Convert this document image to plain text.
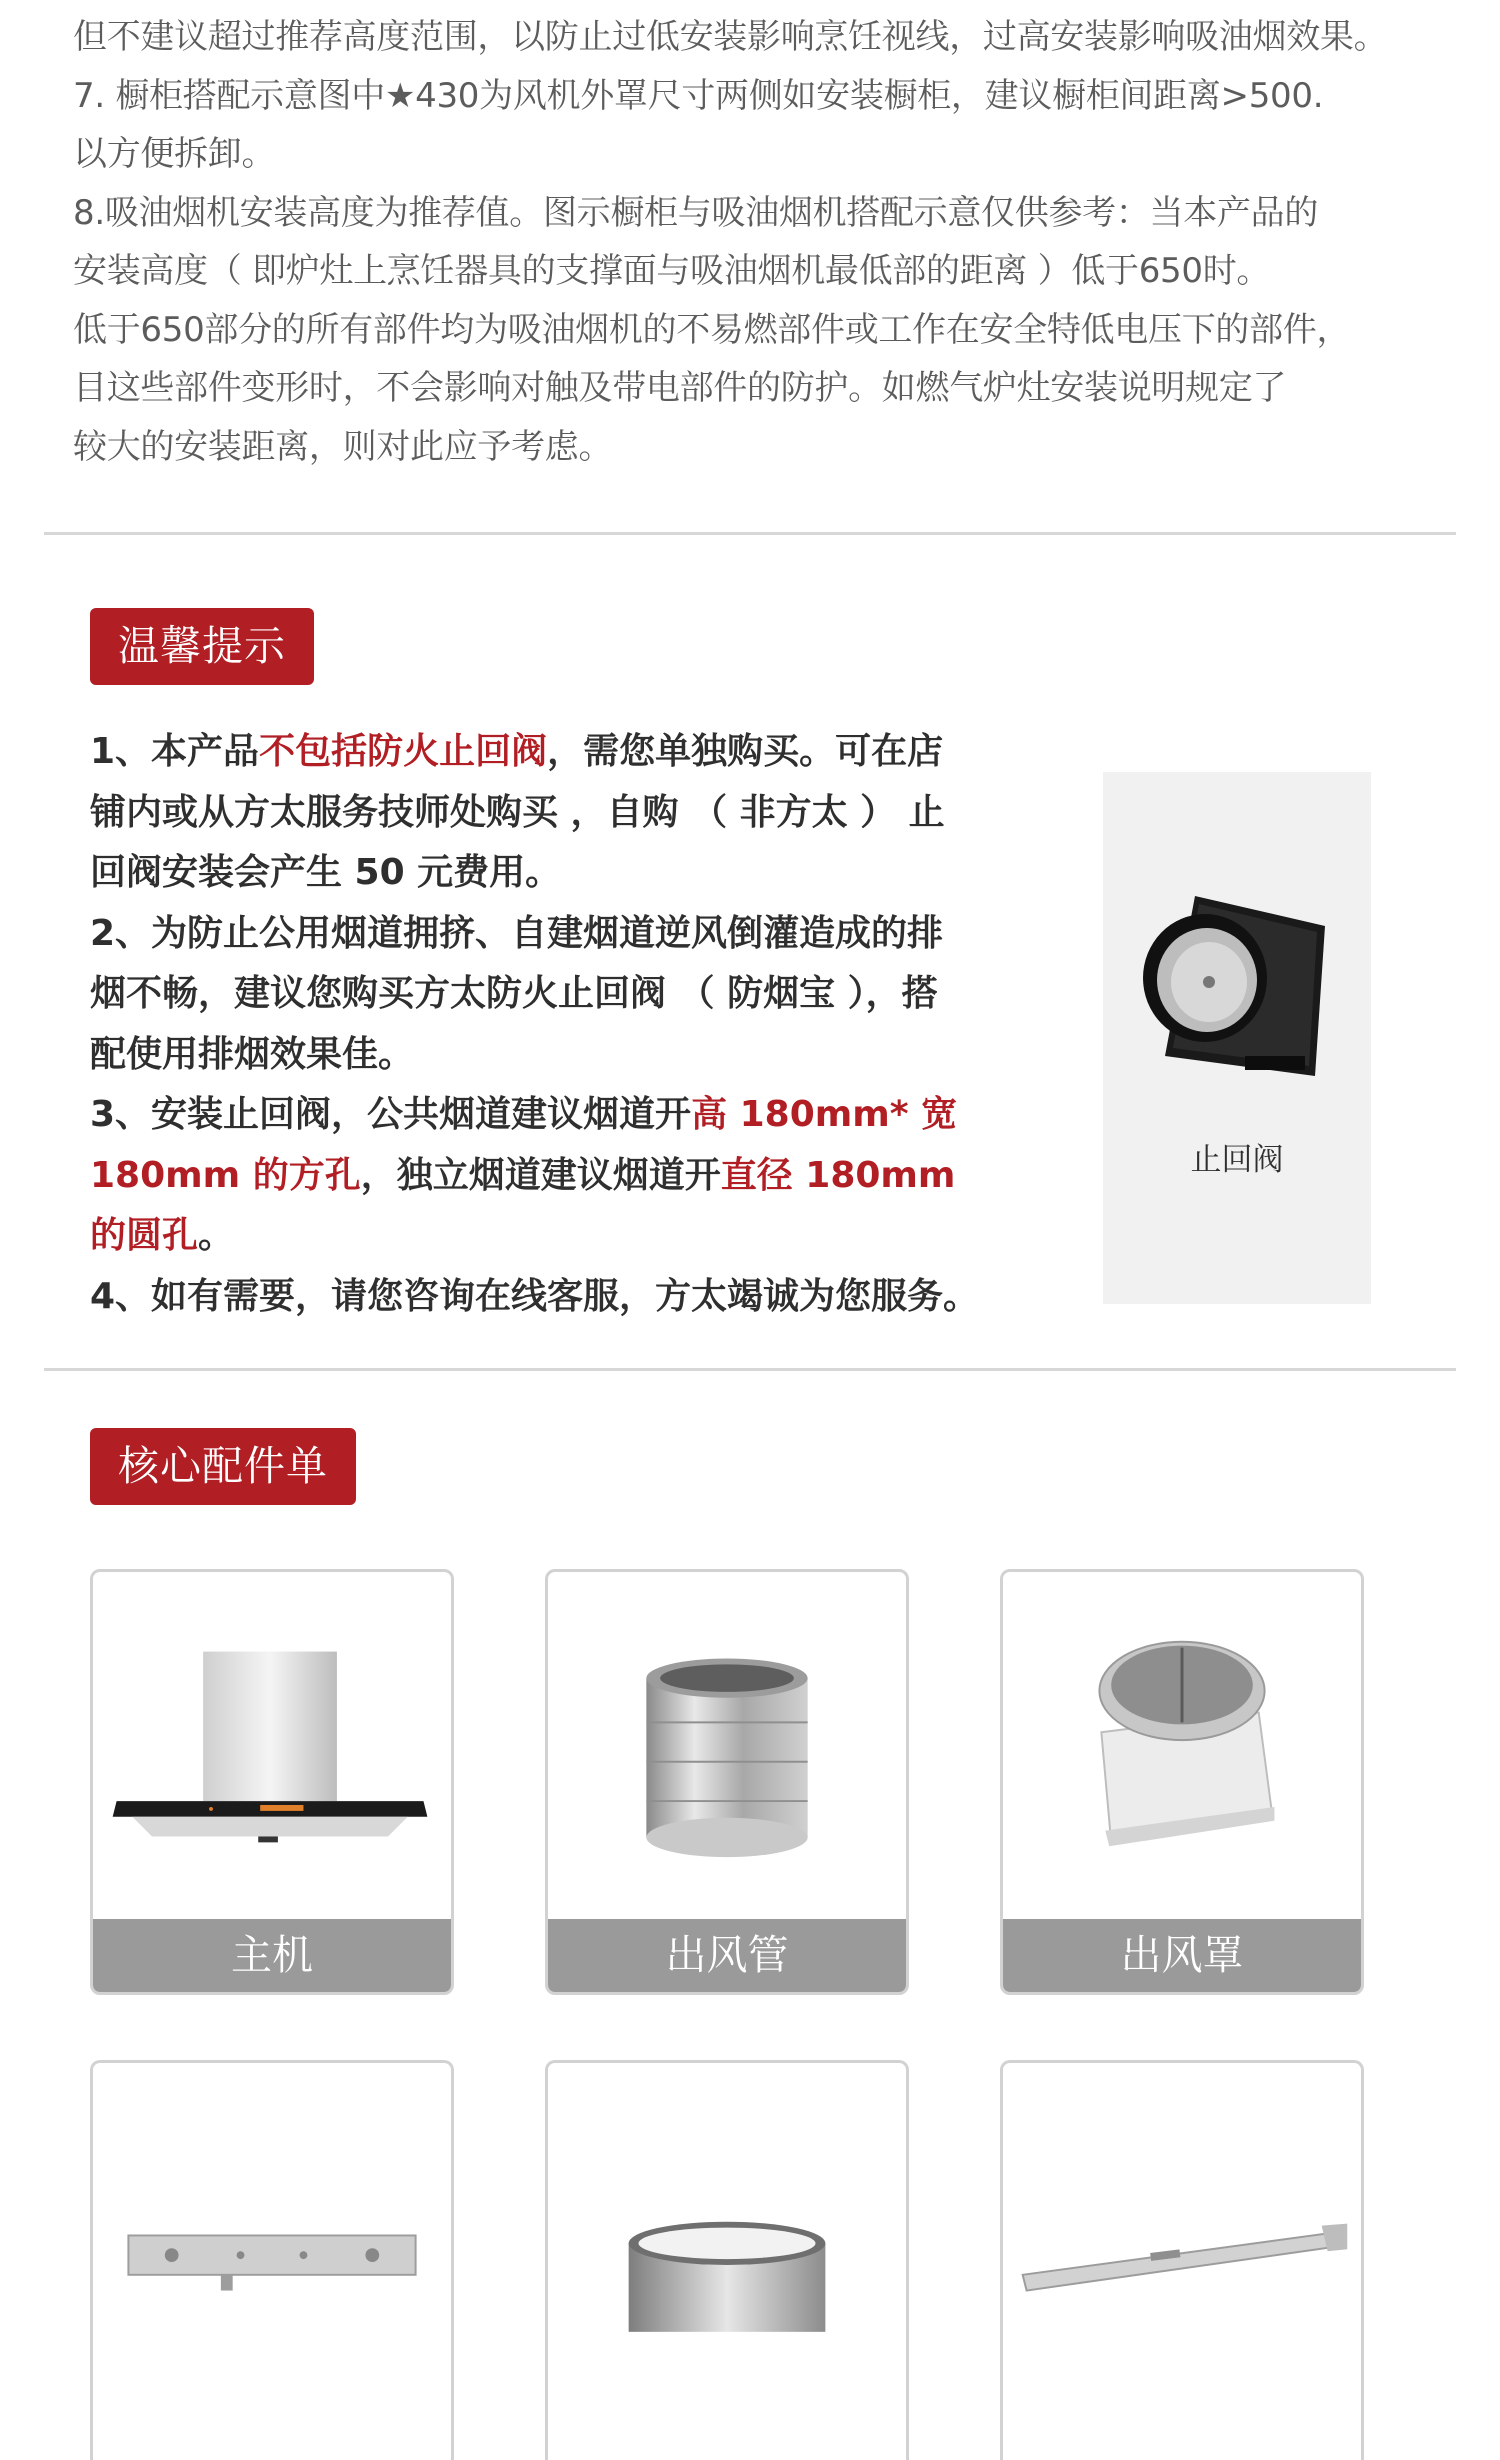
但不建议超过推荐高度范围，以防止过低安装影响烹饪视线，过高安装影响吸油烟效果。

7. 橱柜搭配示意图中★430为风机外罩尺寸两侧如安装橱柜，建议橱柜间距离>500.

以方便拆卸。

8.吸油烟机安装高度为推荐值。图示橱柜与吸油烟机搭配示意仅供参考：当本产品的

安装高度（ 即炉灶上烹饪器具的支撑面与吸油烟机最低部的距离 ）低于650时。

低于650部分的所有部件均为吸油烟机的不易燃部件或工作在安全特低电压下的部件，

目这些部件变形时，不会影响对触及带电部件的防护。如燃气炉灶安装说明规定了

较大的安装距离，则对此应予考虑。

温馨提示

1、本产品不包括防火止回阀，需您单独购买。可在店

铺内或从方太服务技师处购买 ，自购 （ 非方太 ） 止

回阀安装会产生 50 元费用。

2、为防止公用烟道拥挤、自建烟道逆风倒灌造成的排

烟不畅，建议您购买方太防火止回阀 （ 防烟宝 ），搭

配使用排烟效果佳。

3、安装止回阀，公共烟道建议烟道开高 180mm* 宽

180mm 的方孔，独立烟道建议烟道开直径 180mm

的圆孔。

4、如有需要，请您咨询在线客服，方太竭诚为您服务。

止回阀
核心配件单
主机	出风管	出风罩
